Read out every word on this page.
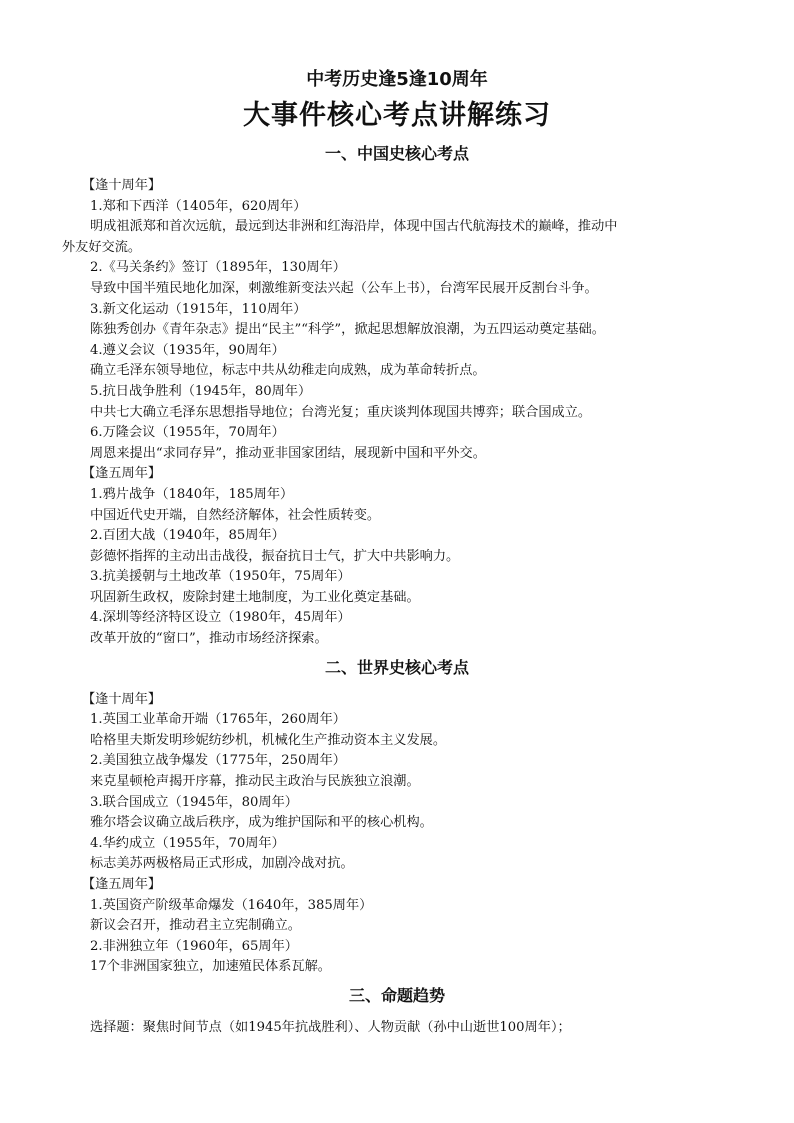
中考历史逢5逢10周年
大事件核心考点讲解练习
一、中国史核心考点
【逢十周年】
1.郑和下西洋（1405年，620周年）
明成祖派郑和首次远航，最远到达非洲和红海沿岸，体现中国古代航海技术的巅峰，推动中
外友好交流。
2.《马关条约》签订（1895年，130周年）
导致中国半殖民地化加深，刺激维新变法兴起（公车上书），台湾军民展开反割台斗争。
3.新文化运动（1915年，110周年）
陈独秀创办《青年杂志》提出“民主”“科学”，掀起思想解放浪潮，为五四运动奠定基础。
4.遵义会议（1935年，90周年）
确立毛泽东领导地位，标志中共从幼稚走向成熟，成为革命转折点。
5.抗日战争胜利（1945年，80周年）
中共七大确立毛泽东思想指导地位；台湾光复；重庆谈判体现国共博弈；联合国成立。
6.万隆会议（1955年，70周年）
周恩来提出“求同存异”，推动亚非国家团结，展现新中国和平外交。
【逢五周年】
1.鸦片战争（1840年，185周年）
中国近代史开端，自然经济解体，社会性质转变。
2.百团大战（1940年，85周年）
彭德怀指挥的主动出击战役，振奋抗日士气，扩大中共影响力。
3.抗美援朝与土地改革（1950年，75周年）
巩固新生政权，废除封建土地制度，为工业化奠定基础。
4.深圳等经济特区设立（1980年，45周年）
改革开放的“窗口”，推动市场经济探索。
二、世界史核心考点
【逢十周年】
1.英国工业革命开端（1765年，260周年）
哈格里夫斯发明珍妮纺纱机，机械化生产推动资本主义发展。
2.美国独立战争爆发（1775年，250周年）
来克星顿枪声揭开序幕，推动民主政治与民族独立浪潮。
3.联合国成立（1945年，80周年）
雅尔塔会议确立战后秩序，成为维护国际和平的核心机构。
4.华约成立（1955年，70周年）
标志美苏两极格局正式形成，加剧冷战对抗。
【逢五周年】
1.英国资产阶级革命爆发（1640年，385周年）
新议会召开，推动君主立宪制确立。
2.非洲独立年（1960年，65周年）
17个非洲国家独立，加速殖民体系瓦解。
三、命题趋势
选择题：聚焦时间节点（如1945年抗战胜利）、人物贡献（孙中山逝世100周年）；
